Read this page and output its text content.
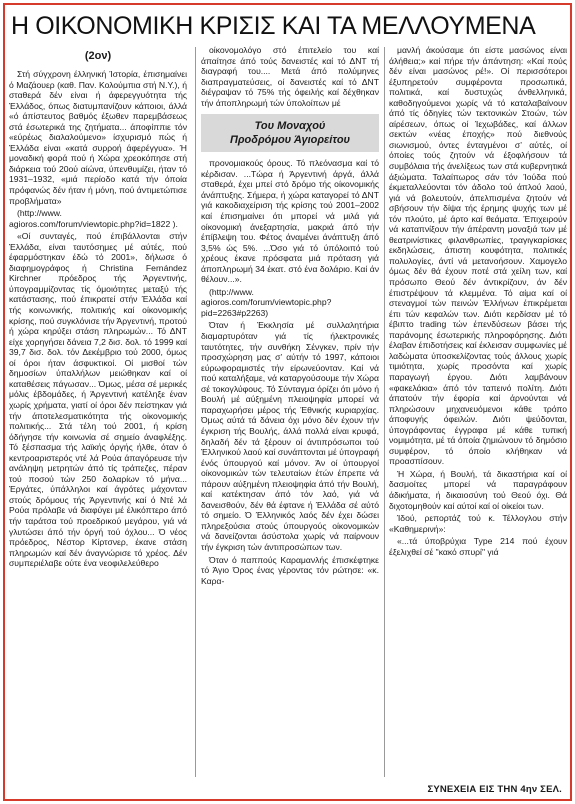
Η ΟΙΚΟΝΟΜΙΚΗ ΚΡΙΣΙΣ ΚΑΙ ΤΑ ΜΕΛΛΟΥΜΕΝΑ
(2ον)

Στή σύγχρονη έλληνική Ίστορία, έπισημαίνει ό Μαζάουερ (καθ. Παν. Κολούμπια στή Ν.Υ.), ή σταθερά δέν είναι ή άφερεγγυότητα τής Έλλάδος, όπως διατυμπανίζουν κάποιοι, άλλά «ό άπίστευτος βαθμός έξωθεν παρεμβάσεως στά έσωτερικά της ζητήματα... άποφίππιε τόν «εύρέως διαλαλούμενο» ίσχυρισμό πώς ή Έλλάδα είναι «κατά συρροή άφερέγγυα». Ή μοναδική φορά πού ή Χώρα χρεοκόπησε στή διάρκεια τού 20ού αίώνα, ύπενθυμίζει, ήταν τό 1931–1932, «μιά περίοδο κατά τήν όποία πρόφανώς δέν ήταν ή μόνη, πού άντιμετώπισε προβλήματα»

(http://www. agioros.com/forum/viewtopic.php?id=1822 ).

«Οί συνταγές, πού έπιβάλλονται στήν Έλλάδα, είναι ταυτόσημες μέ αύτές, πού έφαρμόστηκαν έδώ τό 2001», δήλωσε ό διαφημογράφος ή Christina Fernández Kirchner πρόεδρος τής Άργεντινής, ύπογραμμίζοντας τίς όμοιότητες μεταξύ τής κατάστασης, πού έπικρατεί στήν Έλλάδα καί τής κοινωνικής, πολιτικής καί οίκονομικής κρίσης, πού συγκλόνισε τήν Άργεντινή, προτού ή χώρα κηρύξει στάση πληρωμών... Τό ΔΝΤ είχε χορηγήσει δάνεια 7,2 δισ. δολ. τό 1999 καί 39,7 δισ. δολ. τόν Δεκέμβριο τού 2000, όμως οί όροι ήταν άσφυκτικοί. Οί μισθοί τών δημοσίων ύπαλλήλων μειώθηκαν καί οί καταθέσεις πάγωσαν... Όμως, μέσα σέ μερικές μόλις έβδομάδες, ή Άργεντινή κατέληξε έναν χωρίς χρήματα, γιατί οί όροι δέν πείστηκαν γιά τήν άποτελεσματικότητα τής οίκονομικής πολιτικής... Στά τέλη τού 2001, ή κρίση όδήγησε τήν κοινωνία σέ σημείο άναφλέξης. Τό ξέσπασμα τής λαϊκής όργής ήλθε, όταν ό κεντροαριστερός ντέ λά Ρούα άπαγόρευσε τήν ανάληψη μετρητών άπό τίς τράπεζες, πέραν τού ποσού τών 250 δολαρίων τό μήνα... Έργάτες, ύπάλληλοι καί άγρότες μάχονταν στούς δρόμους τής Άργεντινής καί ό Ντέ λά Ρούα πρόλαβε νά διαφύγει μέ έλικόπτερο άπό τήν ταράτσα τού προεδρικού μεγάρου, γιά νά γλυτώσει άπό τήν όργή τού όχλου... Ό νέος πρόεδρος, Νέστορ Κίρτσνερ, έκανε στάση πληρωμών καί δέν άναγνώρισε τό χρέος. Δέν συμπεριέλαβε ούτε ένα νεοφιλελεύθερο

οίκονομολόγο στό έπιτελείο του καί άπαίτησε άπό τούς δανειστές καί τό ΔΝΤ τή διαγραφή του.... Μετά άπό πολύμηνες διαπραγματεύσεις, οί δανειστές καί τό ΔΝΤ διέγραψαν τό 75% τής όφειλής καί δέχθηκαν τήν άποπληρωμή τών ύπολοίπων μέ

Του Μοναχού
Προδρόμου Άγιορείτου

προνομιακούς όρους. Τό πλεόνασμα καί τό κέρδισαν. ...Τώρα ή Άργεντινή άργά, άλλά σταθερά, έχει μπεί στό δρόμο τής οίκονομικής άνάπτυξης. Σήμερα, ή χώρα καταγορεί τό ΔΝΤ γιά κακοδιαχείριση τής κρίσης τού 2001–2002 καί έπισημαίνει ότι μπορεί νά μιλά γιά οίκονομική άνεξαρτησία, μακριά άπό τήν έπίβλεψη του. Φέτος άναμένει άνάπτυξη άπό 3,5% ώς 5%. ...Όσο γιά τό ύπόλοιπό τού χρέους έκανε πρόσφατα μιά πρόταση γιά άποπληρωμή 34 έκατ. στό ένα δολάριο. Καί άν θέλουν...».

(http://www. agioros.com/forum/viewtopic.php?pid=2263#p2263)

Όταν ή Έκκλησία μέ συλλαλητήρια διαμαρτυρόταν γιά τίς ήλεκτρονικές ταυτότητες, τήν συνθήκη Σένγκεν, πρίν τήν προσχώρηση μας σ’ αύτήν τό 1997, κάποιοι εύρωφοραμιστές τήν είρωνεύονταν. Καί νά πού καταλήξαμε, νά καταργούσουμε τήν Χώρα σέ τοκογλύφους. Τό Σύνταγμα όρίζει ότι μόνο ή Βουλή μέ αύξημένη πλειοψηφία μπορεί νά παραχωρήσει μέρος τής Έθνικής κυριαρχίας. Όμως αύτά τά δάνεια όχι μόνο δέν έχουν τήν έγκριση τής Βουλής, άλλά πολλά είναι κρυφά, δηλαδή δέν τά ξέρουν οί άντιπρόσωποι τού Έλληνικού λαού καί συνάπτονται μέ ύπογραφή ένός ύπουργού καί μόνον. Άν οί ύπουργοί οίκονομικών τών τελευταίων έτών έπρεπε νά πάρουν αύξημένη πλειοψηφία άπό τήν Βουλή, καί κατέκτησαν άπό τόν λαό, γιά νά δανεισθούν, δέν θά έφτανε ή Έλλάδα σέ αύτό τό σημείο. Ό Έλληνικός λαός δέν έχει δώσει πληρεξούσια στούς ύπουργούς οίκονομικών νά δανείζονται άσύστολα χωρίς νά παίρνουν τήν έγκριση τών άντιπροσώπων των.

Όταν ό παππούς Καραμανλής έπισκέφτηκε τό Άγιο Όρος ένας γέροντας τόν ρώτησε: «κ. Καρα-

μανλή άκούσαμε ότι είστε μασώνος είναι άλήθεια;» καί πήρε τήν άπάντηση: «Καί πούς δέν είναι μασώνος ρέ!». Οί περισσότεροι έξυπηρετούν συμφέροντα προσωπικά, πολιτικά, καί δυστυχώς άνθελληνικά, καθοδηγούμενοι χωρίς νά τό καταλαβαίνουν άπό τίς όδηγίες τών τεκτονικών Στοών, τών αίρέσεων, όπως οί Ίεχωβάδες, καί άλλων σεκτών «νέας έποχής» πού διεθνούς σιωνισμού, όντες ένταγμένοι σ’ αύτές, οί όποίες τούς ζητούν νά έξοφλήσουν τά συμβόλαια τής άνελίξεως των στά κυβερνητικά άξιώματα. Ταλαίπωρος σάν τόν Ίούδα πού έκμεταλλεύονται τόν άδολο τού άπλού λαού, γιά νά βολευτούν, άπελπισμένα ζητούν νά σβήσουν τήν δίψα τής έρημης ψυχής των μέ τόν πλούτο, μέ άρτο καί θεάματα. Έπιχειρούν νά καταπνίξουν τήν άπέραντη μοναξιά των μέ θεατρινίστικες φιλανθρωπίες, τραγιγκαρίσκες εκδηλώσεις, άπιστη κουφότητα, πολιτικές πολυλογίες, άντί νά μετανοήσουν. Χαμογελο όμως δέν θά έχουν ποτέ στά χείλη των, καί πρόσωπο Θεού δέν άντικρίζουν, άν δέν έπιστρέψουν τά κλεμμένα. Τό αίμα καί οί στεναγμοί τών πεινών Έλλήνων έπικρέμεται έπι τών κεφαλών των. Διότι κερδίσαν μέ τό έβιπτο trading τών έπενδύσεων βάσει τής παράνομης έσωτερικής πληροφόρησης. Διότι έλαβαν έπιδοτήσεις καί έκλεισαν συμφωνίες μέ λαδώματα ύποσκελίζοντας τούς άλλους χωρίς τιμιότητα, χωρίς προσόντα καί χωρίς παραγωγή έργου. Διότι λαμβάνουν «φακελάκια» άπό τόν ταπεινό πολίτη. Διότι άπατούν τήν έφορία καί άρνούνται νά πληρώσουν μηχανευόμενοι κάθε τρόπο άποφυγής όφειλών. Διότι ψεύδονται, ύπογράφοντας έγγραφα μέ κάθε τυπική νομιμότητα, μέ τά όποία ζημιώνουν τό δημόσιο συμφέρον, τό όποίο κλήθηκαν νά προασπίσουν.

Ή Χώρα, ή Βουλή, τά δικαστήρια καί οί δασμοίτες μπορεί νά παραγράφουν άδικήματα, ή δικαιοσύνη τού Θεού όχι. Θά διχοτομηθούν καί αύτοί καί οί οίκείοι των.

Ίδού, ρεπορτάζ τού κ. Τέλλογλου στήν «Καθημερινή»:

«...τά ύποβρύχια Type 214 πού έχουν έξελιχθεί σέ "κακό σπυρί" γιά

ΣΥΝΕΧΕΙΑ ΕΙΣ ΤΗΝ 4ην ΣΕΛ.
